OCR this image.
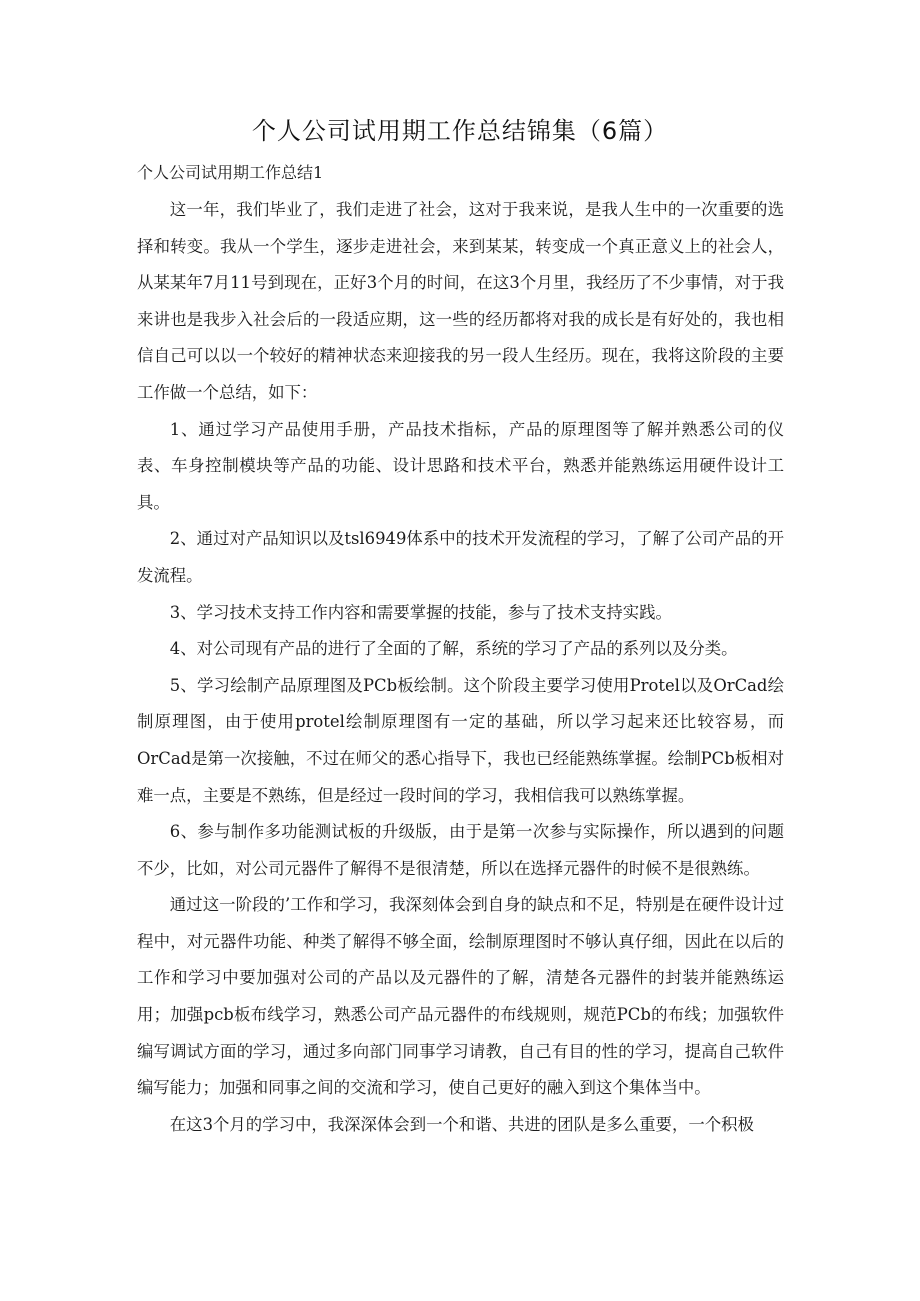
个人公司试用期工作总结锦集（6篇）
个人公司试用期工作总结1

这一年，我们毕业了，我们走进了社会，这对于我来说，是我人生中的一次重要的选择和转变。我从一个学生，逐步走进社会，来到某某，转变成一个真正意义上的社会人，从某某年7月11号到现在，正好3个月的时间，在这3个月里，我经历了不少事情，对于我来讲也是我步入社会后的一段适应期，这一些的经历都将对我的成长是有好处的，我也相信自己可以以一个较好的精神状态来迎接我的另一段人生经历。现在，我将这阶段的主要工作做一个总结，如下：

1、通过学习产品使用手册，产品技术指标，产品的原理图等了解并熟悉公司的仪表、车身控制模块等产品的功能、设计思路和技术平台，熟悉并能熟练运用硬件设计工具。

2、通过对产品知识以及tsl6949体系中的技术开发流程的学习，了解了公司产品的开发流程。

3、学习技术支持工作内容和需要掌握的技能，参与了技术支持实践。

4、对公司现有产品的进行了全面的了解，系统的学习了产品的系列以及分类。

5、学习绘制产品原理图及PCb板绘制。这个阶段主要学习使用Protel以及OrCad绘制原理图，由于使用protel绘制原理图有一定的基础，所以学习起来还比较容易，而OrCad是第一次接触，不过在师父的悉心指导下，我也已经能熟练掌握。绘制PCb板相对难一点，主要是不熟练，但是经过一段时间的学习，我相信我可以熟练掌握。

6、参与制作多功能测试板的升级版，由于是第一次参与实际操作，所以遇到的问题不少，比如，对公司元器件了解得不是很清楚，所以在选择元器件的时候不是很熟练。

通过这一阶段的’工作和学习，我深刻体会到自身的缺点和不足，特别是在硬件设计过程中，对元器件功能、种类了解得不够全面，绘制原理图时不够认真仔细，因此在以后的工作和学习中要加强对公司的产品以及元器件的了解，清楚各元器件的封装并能熟练运用；加强pcb板布线学习，熟悉公司产品元器件的布线规则，规范PCb的布线；加强软件编写调试方面的学习，通过多向部门同事学习请教，自己有目的性的学习，提高自己软件编写能力；加强和同事之间的交流和学习，使自己更好的融入到这个集体当中。

在这3个月的学习中，我深深体会到一个和谐、共进的团队是多么重要，一个积极
